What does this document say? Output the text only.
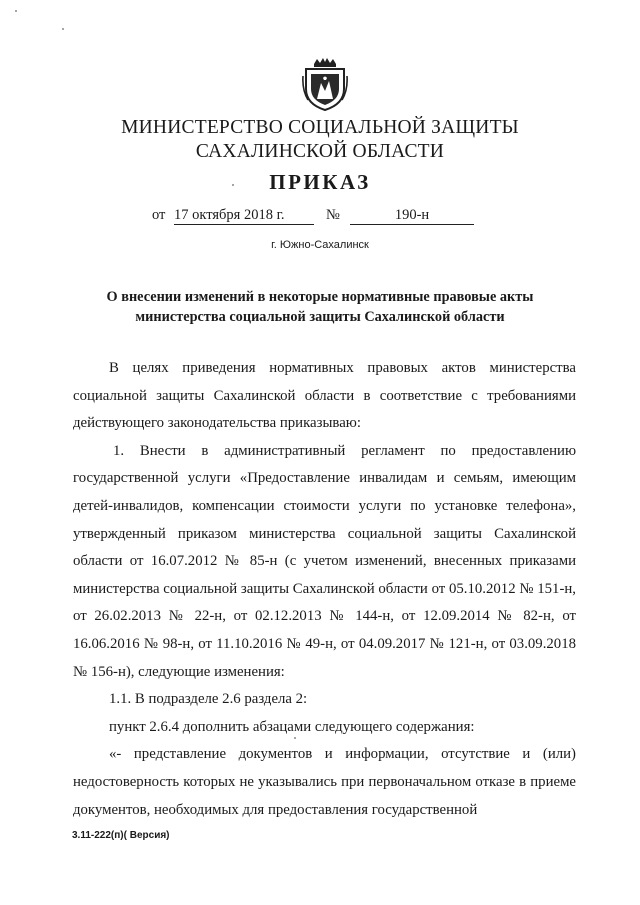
МИНИСТЕРСТВО СОЦИАЛЬНОЙ ЗАЩИТЫ
САХАЛИНСКОЙ ОБЛАСТИ
ПРИКАЗ
от 17 октября 2018 г.	№	190-н
г. Южно-Сахалинск
О внесении изменений в некоторые нормативные правовые акты
министерства социальной защиты Сахалинской области

В целях приведения нормативных правовых актов министерства социальной защиты Сахалинской области в соответствие с требованиями действующего законодательства приказываю:

1. Внести в административный регламент по предоставлению государственной услуги «Предоставление инвалидам и семьям, имеющим детей-инвалидов, компенсации стоимости услуги по установке телефона», утвержденный приказом министерства социальной защиты Сахалинской области от 16.07.2012 № 85-н (с учетом изменений, внесенных приказами министерства социальной защиты Сахалинской области от 05.10.2012 № 151-н, от 26.02.2013 № 22-н, от 02.12.2013 № 144-н, от 12.09.2014 № 82-н, от 16.06.2016 № 98-н, от 11.10.2016 № 49-н, от 04.09.2017 № 121-н, от 03.09.2018 № 156-н), следующие изменения:

1.1. В подразделе 2.6 раздела 2:

пункт 2.6.4 дополнить абзацами следующего содержания:

«- представление документов и информации, отсутствие и (или) недостоверность которых не указывались при первоначальном отказе в приеме документов, необходимых для предоставления государственной

3.11-222(п)( Версия)
